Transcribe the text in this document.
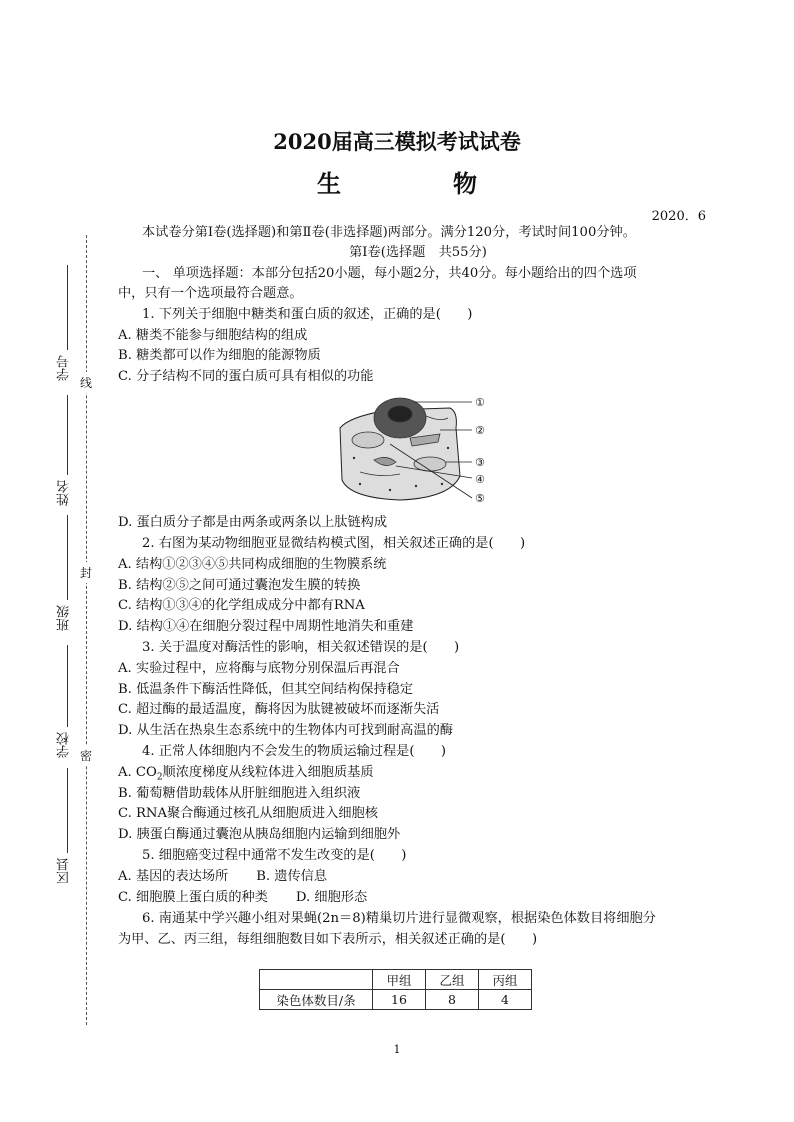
2020届高三模拟考试试卷
生　物
2020．6
本试卷分第Ⅰ卷(选择题)和第Ⅱ卷(非选择题)两部分。满分120分，考试时间100分钟。
第Ⅰ卷(选择题　共55分)
一、 单项选择题：本部分包括20小题，每小题2分，共40分。每小题给出的四个选项
中，只有一个选项最符合题意。
1. 下列关于细胞中糖类和蛋白质的叙述，正确的是(　　)
A. 糖类不能参与细胞结构的组成
B. 糖类都可以作为细胞的能源物质
C. 分子结构不同的蛋白质可具有相似的功能
①
②
③
④
⑤
D. 蛋白质分子都是由两条或两条以上肽链构成
2. 右图为某动物细胞亚显微结构模式图，相关叙述正确的是(　　)
A. 结构①②③④⑤共同构成细胞的生物膜系统
B. 结构②⑤之间可通过囊泡发生膜的转换
C. 结构①③④的化学组成成分中都有RNA
D. 结构①④在细胞分裂过程中周期性地消失和重建
3. 关于温度对酶活性的影响，相关叙述错误的是(　　)
A. 实验过程中，应将酶与底物分别保温后再混合
B. 低温条件下酶活性降低，但其空间结构保持稳定
C. 超过酶的最适温度，酶将因为肽键被破坏而逐渐失活
D. 从生活在热泉生态系统中的生物体内可找到耐高温的酶
4. 正常人体细胞内不会发生的物质运输过程是(　　)
A. $CO_2$顺浓度梯度从线粒体进入细胞质基质
B. 葡萄糖借助载体从肝脏细胞进入组织液
C. RNA聚合酶通过核孔从细胞质进入细胞核
D. 胰蛋白酶通过囊泡从胰岛细胞内运输到细胞外
5. 细胞癌变过程中通常不发生改变的是(　　)
A. 基因的表达场所 B. 遗传信息
C. 细胞膜上蛋白质的种类 D. 细胞形态
6. 南通某中学兴趣小组对果蝇(2n＝8)精巢切片进行显微观察，根据染色体数目将细胞分
为甲、乙、丙三组，每组细胞数目如下表所示，相关叙述正确的是(　　)
	甲组	乙组	丙组
染色体数目/条	16	8	4
线
封
密
学号
姓名
班级
学校
区县
1
